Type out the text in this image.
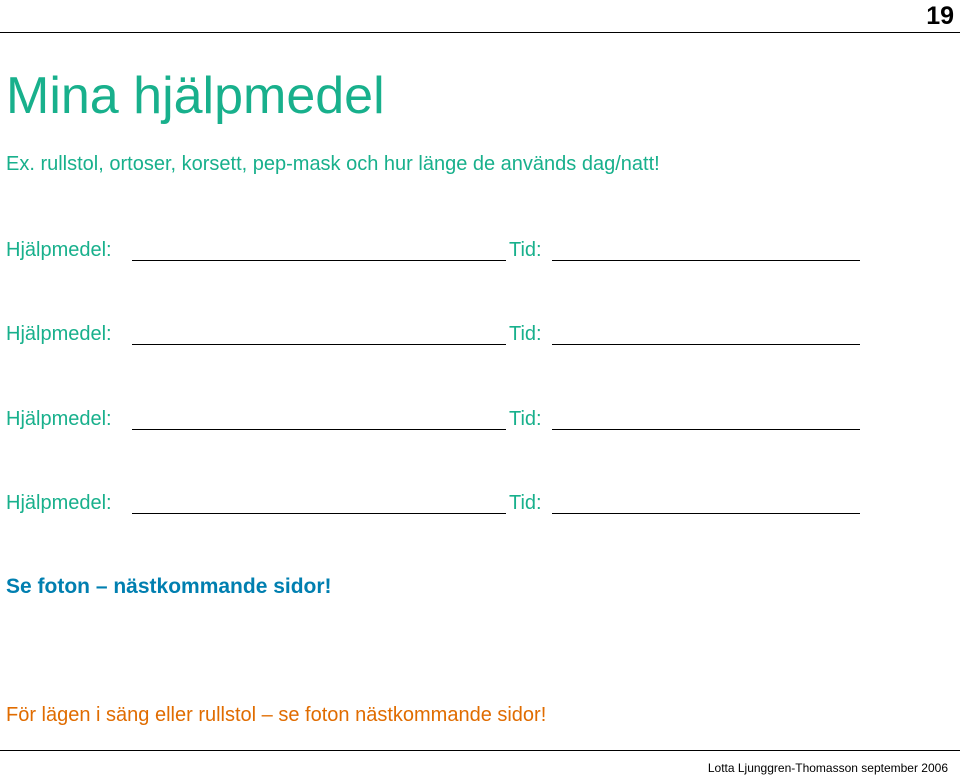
19
Mina hjälpmedel
Ex. rullstol, ortoser, korsett, pep-mask och hur länge de används dag/natt!
Hjälpmedel:	Tid:
Hjälpmedel:	Tid:
Hjälpmedel:	Tid:
Hjälpmedel:	Tid:
Se foton – nästkommande sidor!
För lägen i säng eller rullstol – se foton nästkommande sidor!
Lotta Ljunggren-Thomasson september 2006
